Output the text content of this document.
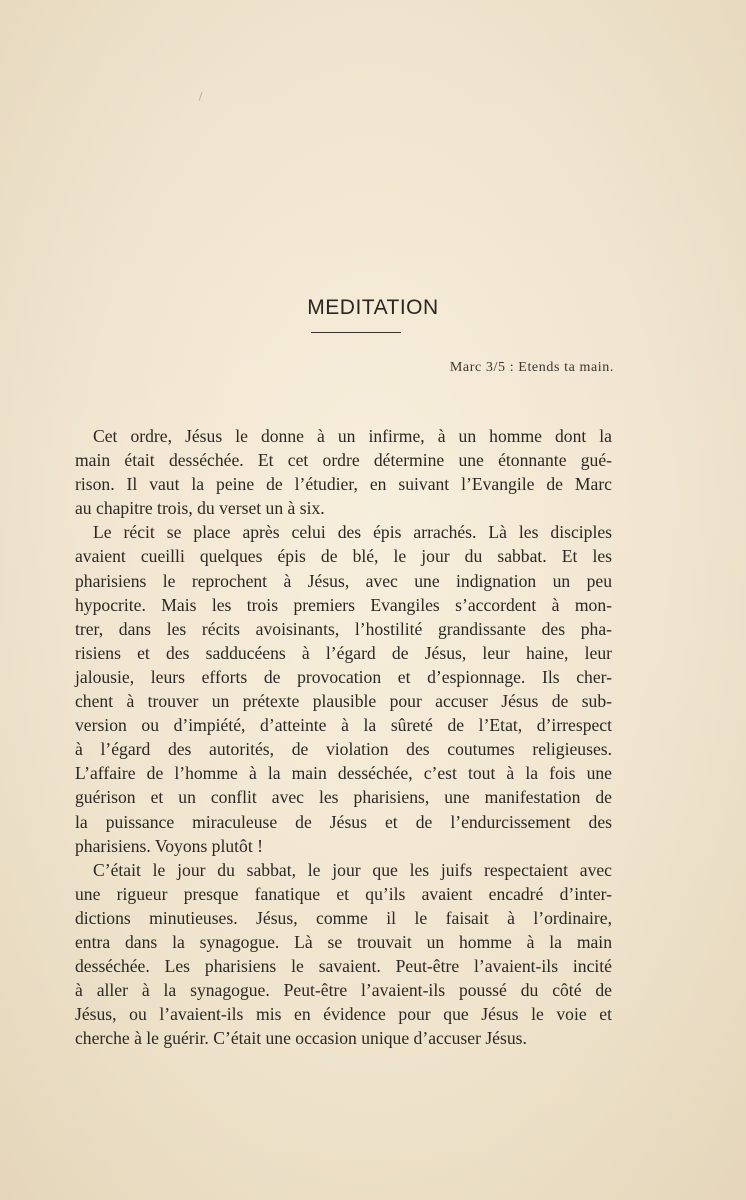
MEDITATION
Marc 3/5 : Etends ta main.
Cet ordre, Jésus le donne à un infirme, à un homme dont la
main était desséchée. Et cet ordre détermine une étonnante gué-
rison. Il vaut la peine de l’étudier, en suivant l’Evangile de Marc
au chapitre trois, du verset un à six.
Le récit se place après celui des épis arrachés. Là les disciples
avaient cueilli quelques épis de blé, le jour du sabbat. Et les
pharisiens le reprochent à Jésus, avec une indignation un peu
hypocrite. Mais les trois premiers Evangiles s’accordent à mon-
trer, dans les récits avoisinants, l’hostilité grandissante des pha-
risiens et des sadducéens à l’égard de Jésus, leur haine, leur
jalousie, leurs efforts de provocation et d’espionnage. Ils cher-
chent à trouver un prétexte plausible pour accuser Jésus de sub-
version ou d’impiété, d’atteinte à la sûreté de l’Etat, d’irrespect
à l’égard des autorités, de violation des coutumes religieuses.
L’affaire de l’homme à la main desséchée, c’est tout à la fois une
guérison et un conflit avec les pharisiens, une manifestation de
la puissance miraculeuse de Jésus et de l’endurcissement des
pharisiens. Voyons plutôt !
C’était le jour du sabbat, le jour que les juifs respectaient avec
une rigueur presque fanatique et qu’ils avaient encadré d’inter-
dictions minutieuses. Jésus, comme il le faisait à l’ordinaire,
entra dans la synagogue. Là se trouvait un homme à la main
desséchée. Les pharisiens le savaient. Peut-être l’avaient-ils incité
à aller à la synagogue. Peut-être l’avaient-ils poussé du côté de
Jésus, ou l’avaient-ils mis en évidence pour que Jésus le voie et
cherche à le guérir. C’était une occasion unique d’accuser Jésus.
